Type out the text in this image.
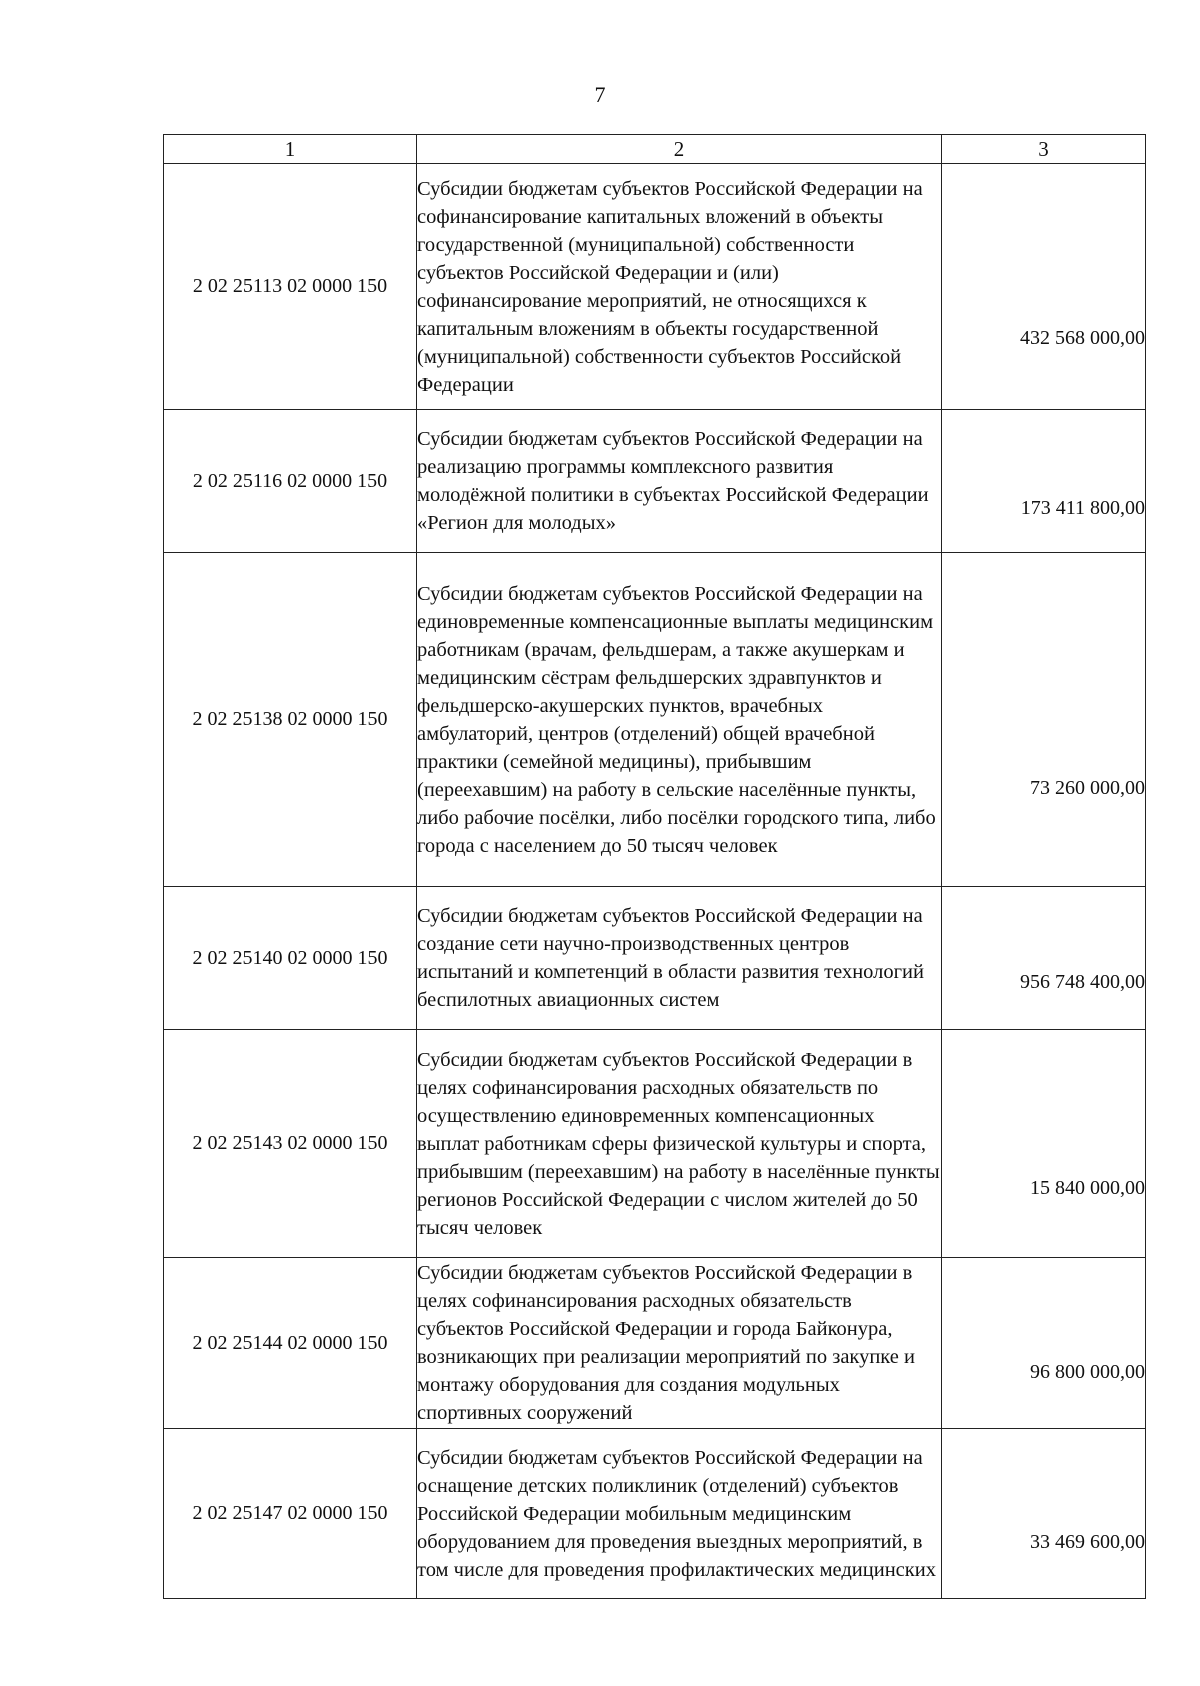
7
1	2	3
2 02 25113 02 0000 150	Субсидии бюджетам субъектов Российской Федерации на софинансирование капитальных вложений в объекты государственной (муниципальной) собственности субъектов Российской Федерации и (или) софинансирование мероприятий, не относящихся к капитальным вложениям в объекты государственной (муниципальной) собственности субъектов Российской Федерации	432 568 000,00

2 02 25116 02 0000 150	Субсидии бюджетам субъектов Российской Федерации на реализацию программы комплексного развития молодёжной политики в субъектах Российской Федерации «Регион для молодых»	173 411 800,00

2 02 25138 02 0000 150	Субсидии бюджетам субъектов Российской Федерации на единовременные компенсационные выплаты медицинским работникам (врачам, фельдшерам, а также акушеркам и медицинским сёстрам фельдшерских здравпунктов и фельдшерско-акушерских пунктов, врачебных амбулаторий, центров (отделений) общей врачебной практики (семейной медицины), прибывшим (переехавшим) на работу в сельские населённые пункты, либо рабочие посёлки, либо посёлки городского типа, либо города с населением до 50 тысяч человек	73 260 000,00

2 02 25140 02 0000 150	Субсидии бюджетам субъектов Российской Федерации на создание сети научно-производственных центров испытаний и компетенций в области развития технологий беспилотных авиационных систем	956 748 400,00

2 02 25143 02 0000 150	Субсидии бюджетам субъектов Российской Федерации в целях софинансирования расходных обязательств по осуществлению единовременных компенсационных выплат работникам сферы физической культуры и спорта, прибывшим (переехавшим) на работу в населённые пункты регионов Российской Федерации с числом жителей до 50 тысяч человек	15 840 000,00

2 02 25144 02 0000 150	Субсидии бюджетам субъектов Российской Федерации в целях софинансирования расходных обязательств субъектов Российской Федерации и города Байконура, возникающих при реализации мероприятий по закупке и монтажу оборудования для создания модульных спортивных сооружений	96 800 000,00

2 02 25147 02 0000 150	Субсидии бюджетам субъектов Российской Федерации на оснащение детских поликлиник (отделений) субъектов Российской Федерации мобильным медицинским оборудованием для проведения выездных мероприятий, в том числе для проведения профилактических медицинских	33 469 600,00
